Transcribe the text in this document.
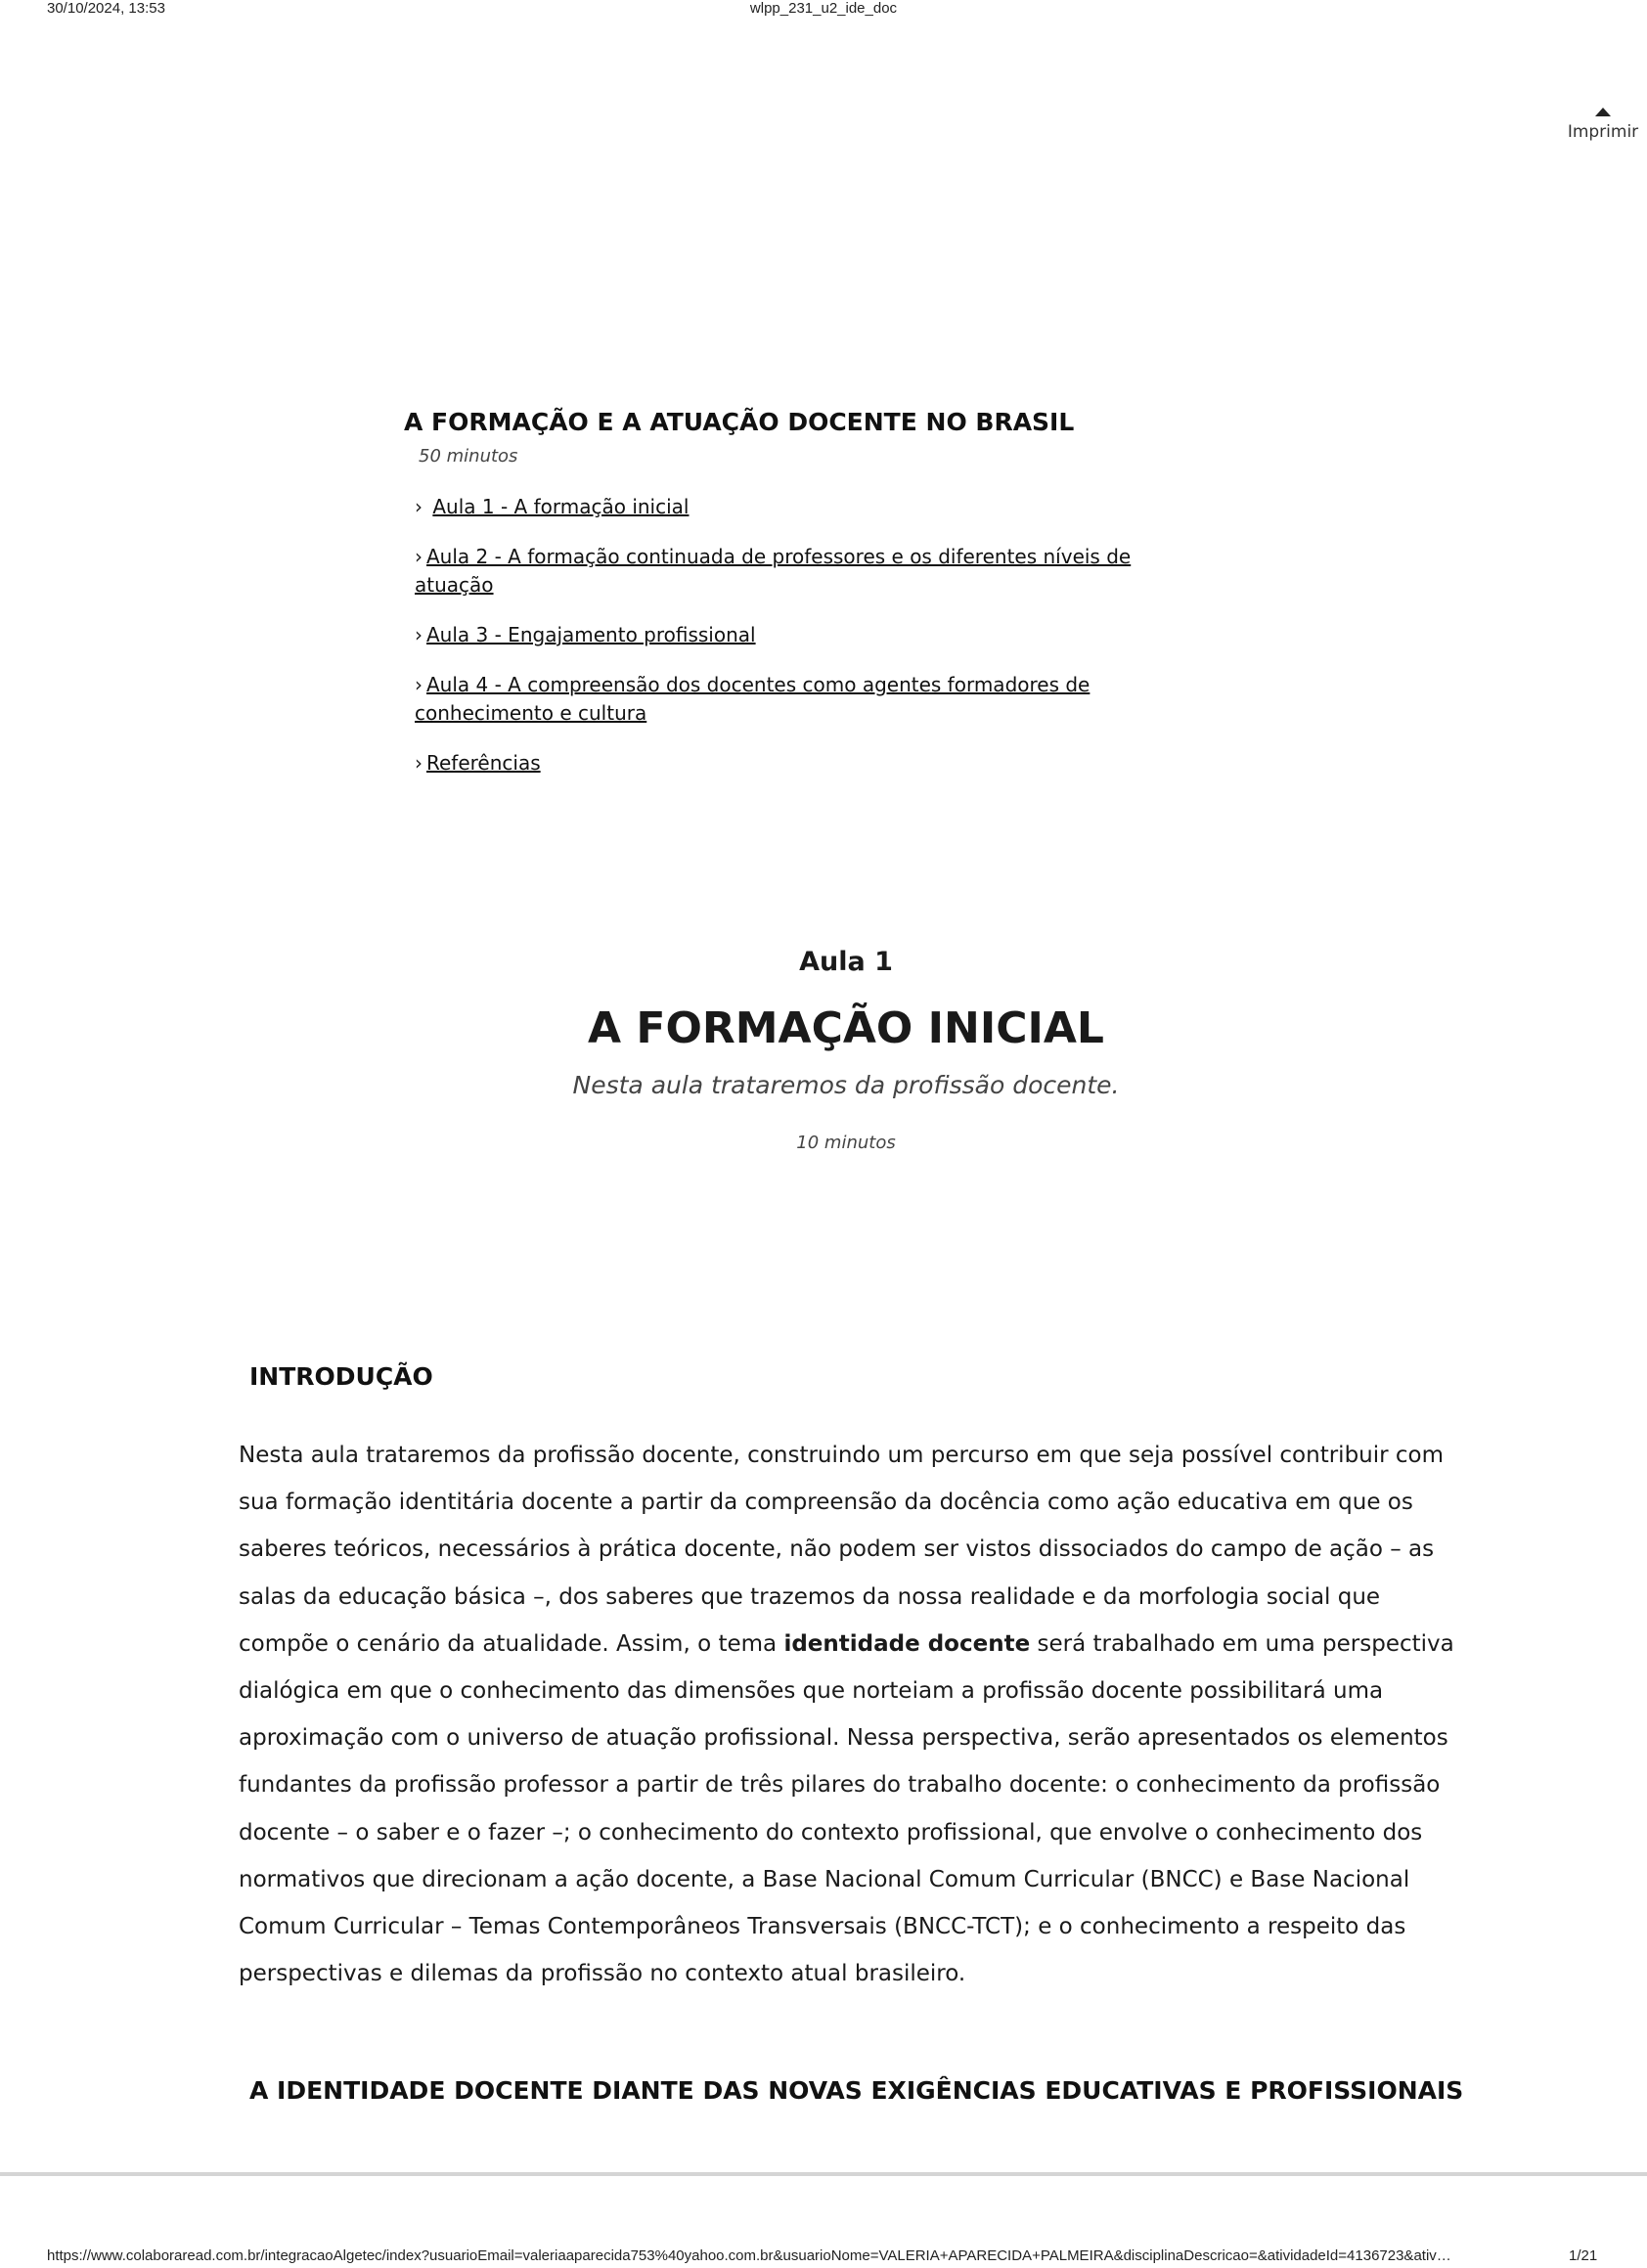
30/10/2024, 13:53	wlpp_231_u2_ide_doc
Imprimir
A FORMAÇÃO E A ATUAÇÃO DOCENTE NO BRASIL
50 minutos
› Aula 1 - A formação inicial
› Aula 2 - A formação continuada de professores e os diferentes níveis de atuação
› Aula 3 - Engajamento profissional
› Aula 4 - A compreensão dos docentes como agentes formadores de conhecimento e cultura
› Referências
Aula 1
A FORMAÇÃO INICIAL
Nesta aula trataremos da profissão docente.
10 minutos
INTRODUÇÃO

Nesta aula trataremos da profissão docente, construindo um percurso em que seja possível contribuir com sua formação identitária docente a partir da compreensão da docência como ação educativa em que os saberes teóricos, necessários à prática docente, não podem ser vistos dissociados do campo de ação – as salas da educação básica –, dos saberes que trazemos da nossa realidade e da morfologia social que compõe o cenário da atualidade. Assim, o tema identidade docente será trabalhado em uma perspectiva dialógica em que o conhecimento das dimensões que norteiam a profissão docente possibilitará uma aproximação com o universo de atuação profissional. Nessa perspectiva, serão apresentados os elementos fundantes da profissão professor a partir de três pilares do trabalho docente: o conhecimento da profissão docente – o saber e o fazer –; o conhecimento do contexto profissional, que envolve o conhecimento dos normativos que direcionam a ação docente, a Base Nacional Comum Curricular (BNCC) e Base Nacional Comum Curricular – Temas Contemporâneos Transversais (BNCC-TCT); e o conhecimento a respeito das perspectivas e dilemas da profissão no contexto atual brasileiro.

A IDENTIDADE DOCENTE DIANTE DAS NOVAS EXIGÊNCIAS EDUCATIVAS E PROFISSIONAIS
https://www.colaboraread.com.br/integracaoAlgetec/index?usuarioEmail=valeriaaparecida753%40yahoo.com.br&usuarioNome=VALERIA+APARECIDA+PALMEIRA&disciplinaDescricao=&atividadeId=4136723&ativ…	1/21
